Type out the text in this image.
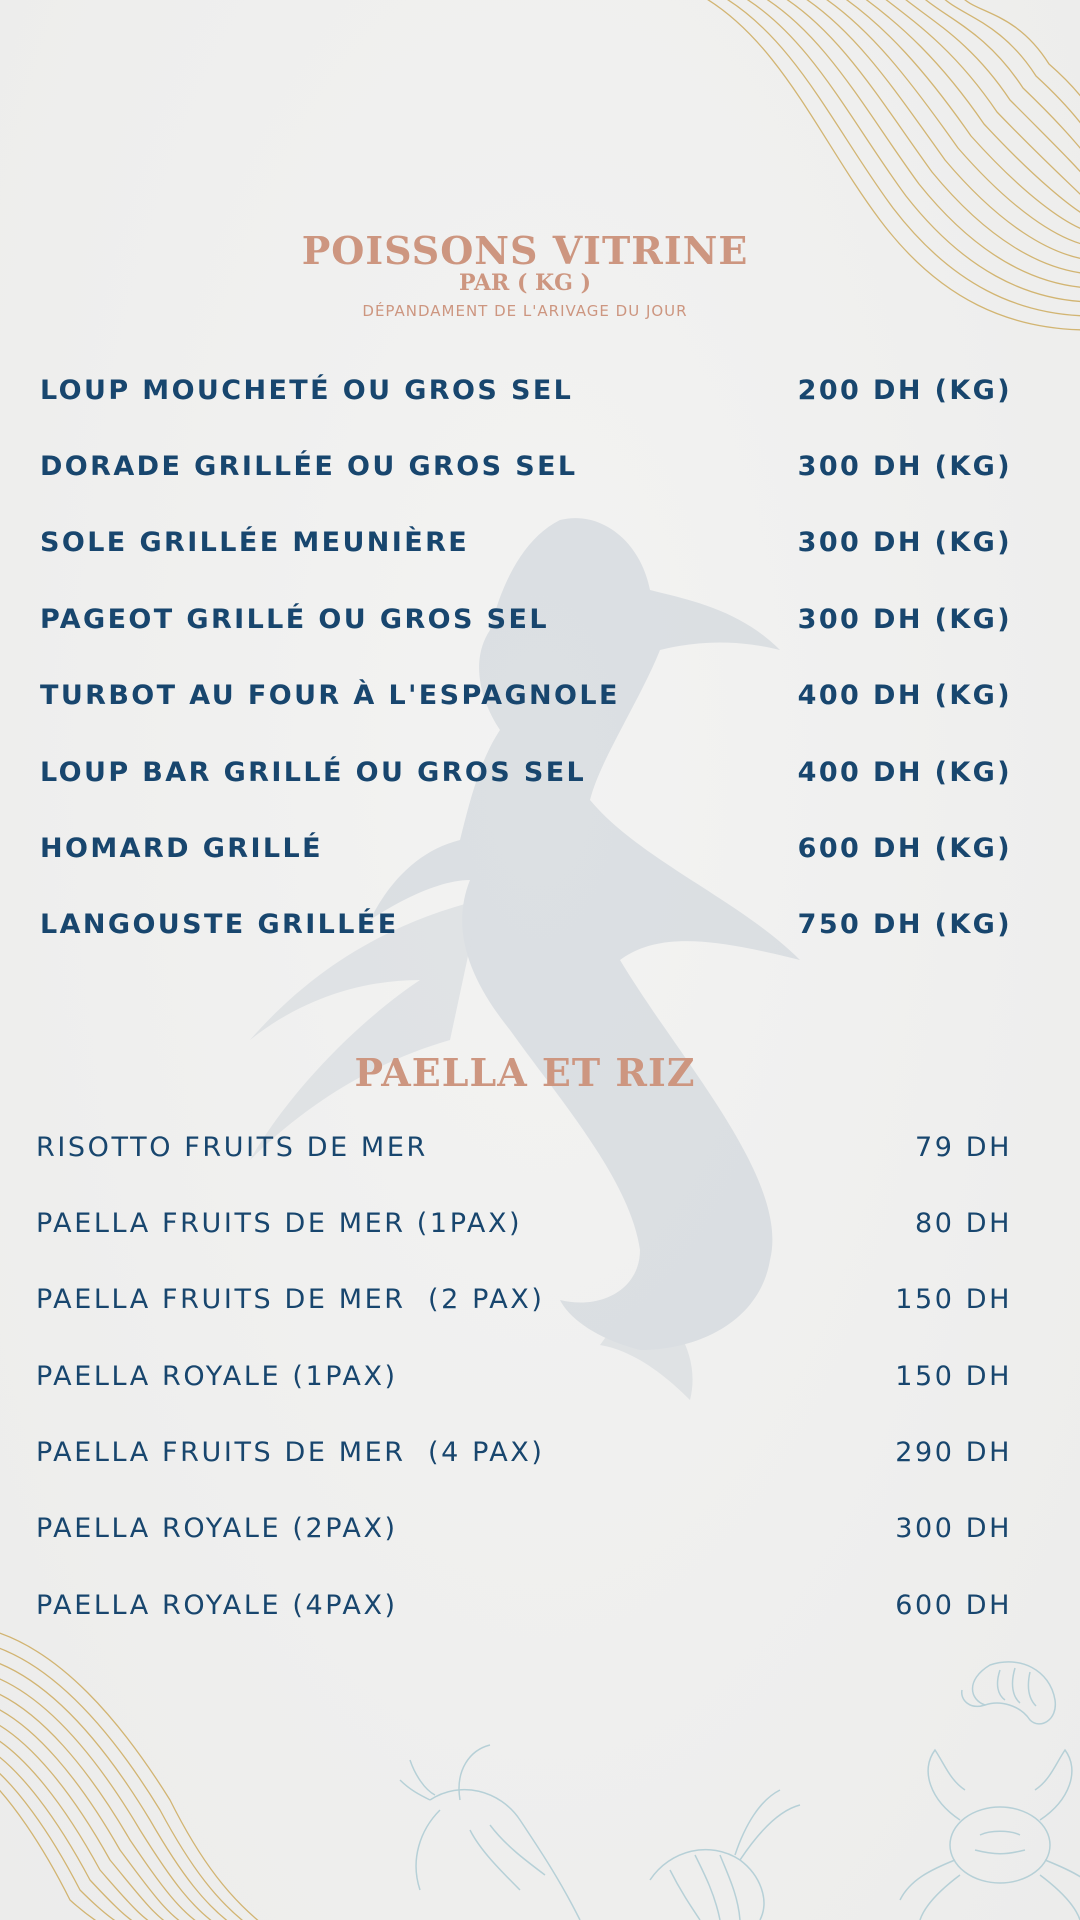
POISSONS VITRINE
PAR ( KG )
DÉPANDAMENT DE L'ARIVAGE DU JOUR
LOUP MOUCHETÉ OU GROS SEL	200 DH (KG)
DORADE GRILLÉE OU GROS SEL	300 DH (KG)
SOLE GRILLÉE MEUNIÈRE	300 DH (KG)
PAGEOT GRILLÉ OU GROS SEL	300 DH (KG)
TURBOT AU FOUR À L'ESPAGNOLE	400 DH (KG)
LOUP BAR GRILLÉ OU GROS SEL	400 DH (KG)
HOMARD GRILLÉ	600 DH (KG)
LANGOUSTE GRILLÉE	750 DH (KG)
PAELLA ET RIZ
RISOTTO FRUITS DE MER	79 DH
PAELLA FRUITS DE MER (1PAX)	80 DH
PAELLA FRUITS DE MER  (2 PAX)	150 DH
PAELLA ROYALE (1PAX)	150 DH
PAELLA FRUITS DE MER  (4 PAX)	290 DH
PAELLA ROYALE (2PAX)	300 DH
PAELLA ROYALE (4PAX)	600 DH
